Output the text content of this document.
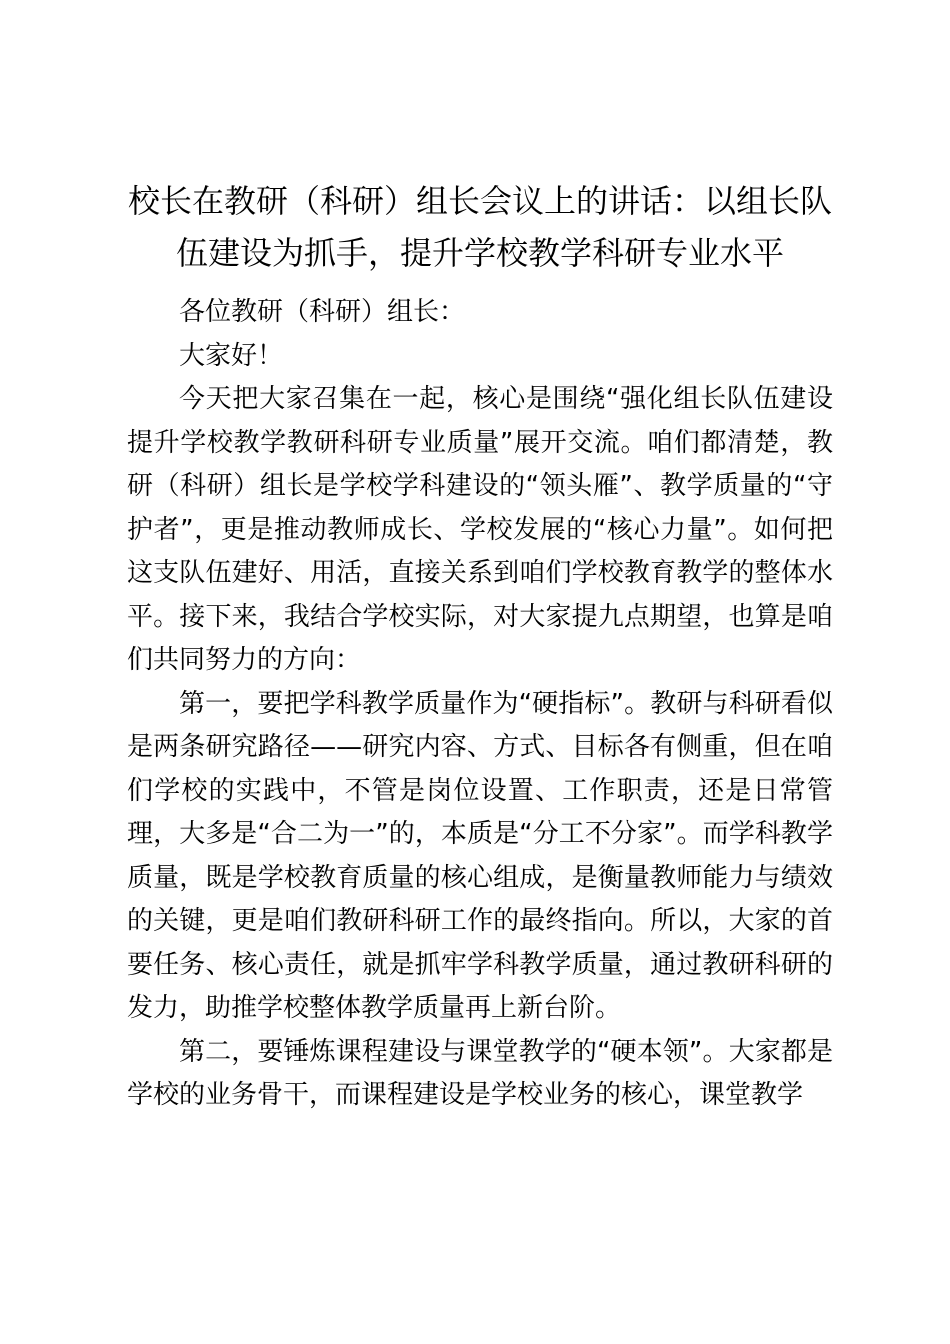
校长在教研（科研）组长会议上的讲话：以组长队伍建设为抓手，提升学校教学科研专业水平

各位教研（科研）组长：

大家好！

今天把大家召集在一起，核心是围绕“强化组长队伍建设提升学校教学教研科研专业质量”展开交流。咱们都清楚，教研（科研）组长是学校学科建设的“领头雁”、教学质量的“守护者”，更是推动教师成长、学校发展的“核心力量”。如何把这支队伍建好、用活，直接关系到咱们学校教育教学的整体水平。接下来，我结合学校实际，对大家提九点期望，也算是咱们共同努力的方向：

第一，要把学科教学质量作为“硬指标”。教研与科研看似是两条研究路径——研究内容、方式、目标各有侧重，但在咱们学校的实践中，不管是岗位设置、工作职责，还是日常管理，大多是“合二为一”的，本质是“分工不分家”。而学科教学质量，既是学校教育质量的核心组成，是衡量教师能力与绩效的关键，更是咱们教研科研工作的最终指向。所以，大家的首要任务、核心责任，就是抓牢学科教学质量，通过教研科研的发力，助推学校整体教学质量再上新台阶。

第二，要锤炼课程建设与课堂教学的“硬本领”。大家都是学校的业务骨干，而课程建设是学校业务的核心，课堂教学
